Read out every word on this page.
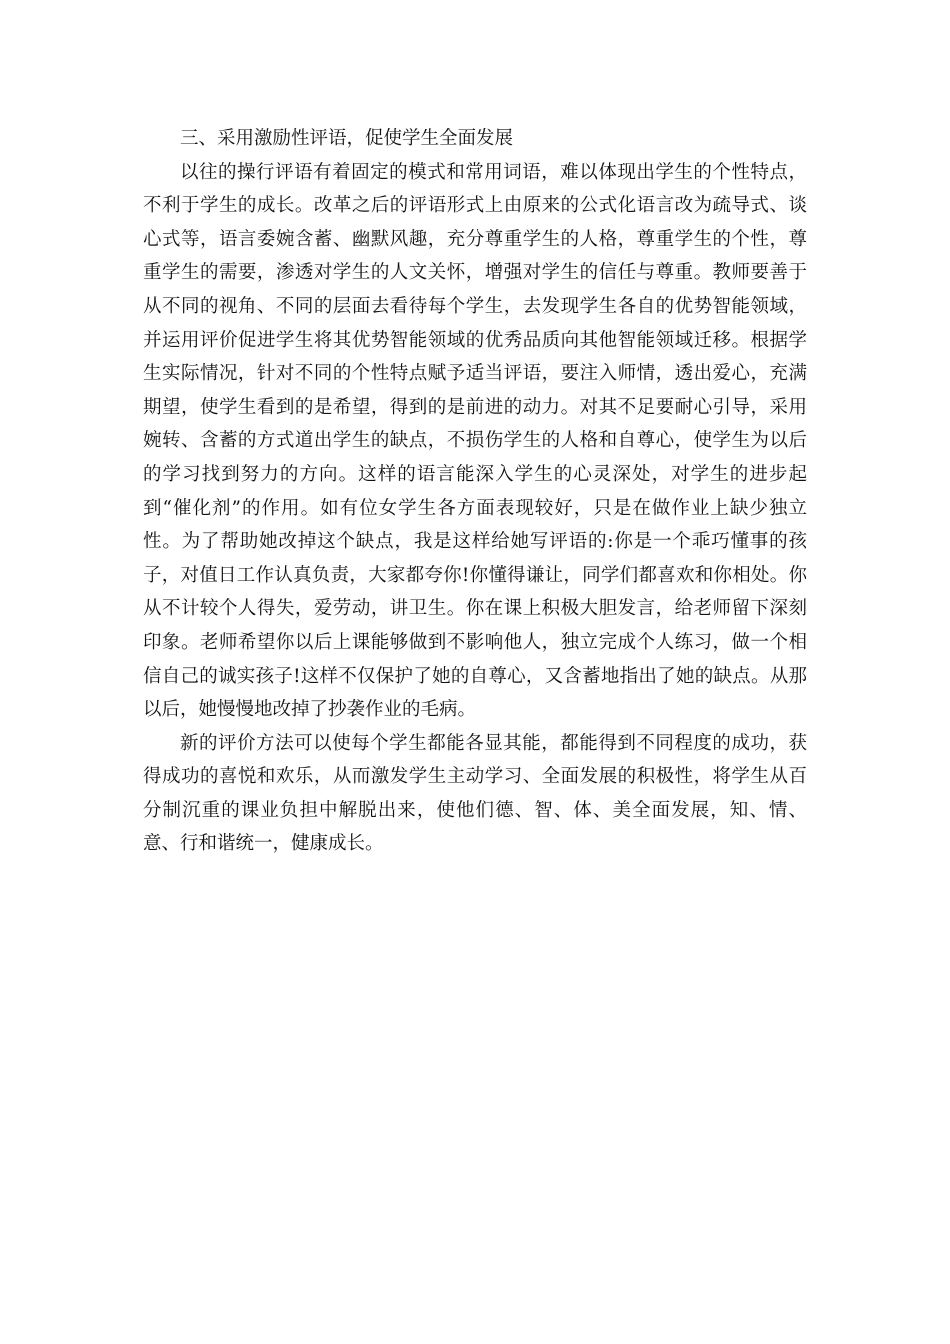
三、采用激励性评语，促使学生全面发展

以往的操行评语有着固定的模式和常用词语，难以体现出学生的个性特点，不利于学生的成长。改革之后的评语形式上由原来的公式化语言改为疏导式、谈心式等，语言委婉含蓄、幽默风趣，充分尊重学生的人格，尊重学生的个性，尊重学生的需要，渗透对学生的人文关怀，增强对学生的信任与尊重。教师要善于从不同的视角、不同的层面去看待每个学生，去发现学生各自的优势智能领域，并运用评价促进学生将其优势智能领域的优秀品质向其他智能领域迁移。根据学生实际情况，针对不同的个性特点赋予适当评语，要注入师情，透出爱心，充满期望，使学生看到的是希望，得到的是前进的动力。对其不足要耐心引导，采用婉转、含蓄的方式道出学生的缺点，不损伤学生的人格和自尊心，使学生为以后的学习找到努力的方向。这样的语言能深入学生的心灵深处，对学生的进步起到“催化剂”的作用。如有位女学生各方面表现较好，只是在做作业上缺少独立性。为了帮助她改掉这个缺点，我是这样给她写评语的:你是一个乖巧懂事的孩子，对值日工作认真负责，大家都夸你!你懂得谦让，同学们都喜欢和你相处。你从不计较个人得失，爱劳动，讲卫生。你在课上积极大胆发言，给老师留下深刻印象。老师希望你以后上课能够做到不影响他人，独立完成个人练习，做一个相信自己的诚实孩子!这样不仅保护了她的自尊心，又含蓄地指出了她的缺点。从那以后，她慢慢地改掉了抄袭作业的毛病。

新的评价方法可以使每个学生都能各显其能，都能得到不同程度的成功，获得成功的喜悦和欢乐，从而激发学生主动学习、全面发展的积极性，将学生从百分制沉重的课业负担中解脱出来，使他们德、智、体、美全面发展，知、情、意、行和谐统一，健康成长。
